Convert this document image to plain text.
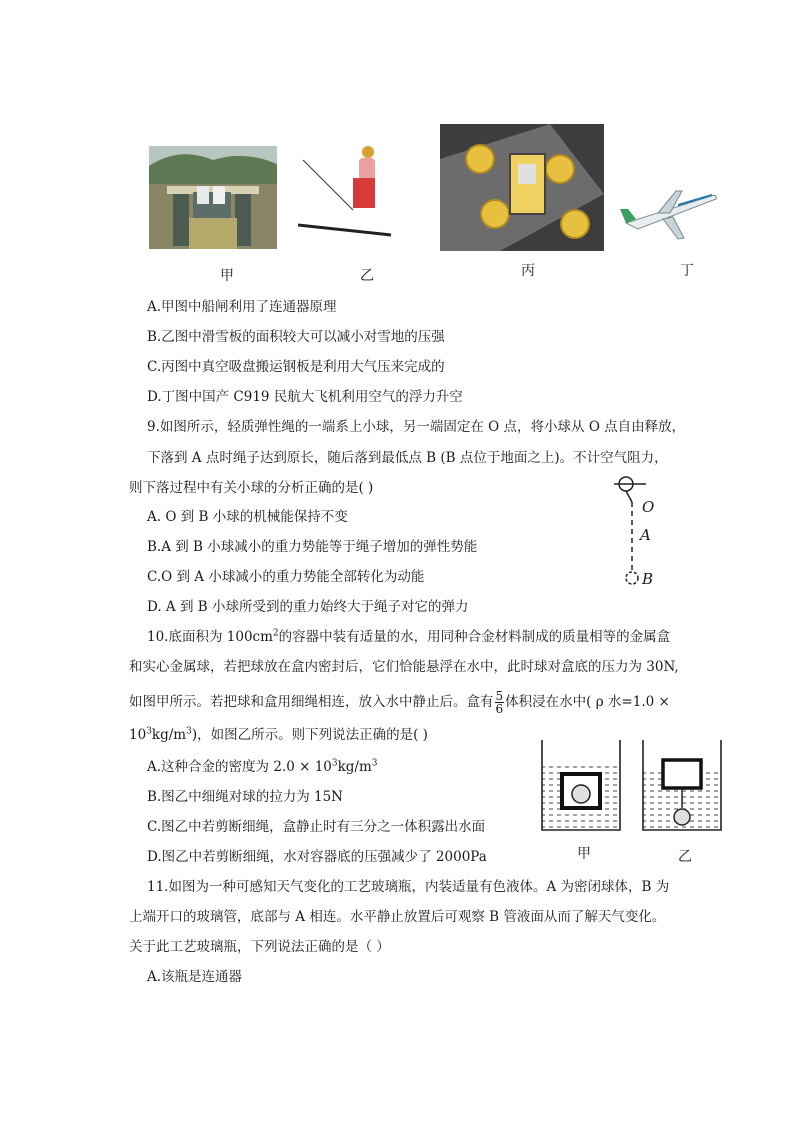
甲	乙	丙	丁
A.甲图中船闸利用了连通器原理
B.乙图中滑雪板的面积较大可以减小对雪地的压强
C.丙图中真空吸盘搬运钢板是利用大气压来完成的
D.丁图中国产 C919 民航大飞机利用空气的浮力升空
9.如图所示，轻质弹性绳的一端系上小球，另一端固定在 O 点，将小球从 O 点自由释放，
下落到 A 点时绳子达到原长，随后落到最低点 B (B 点位于地面之上)。不计空气阻力，
则下落过程中有关小球的分析正确的是( )
A. O 到 B 小球的机械能保持不变
B.A 到 B 小球减小的重力势能等于绳子增加的弹性势能
C.O 到 A 小球减小的重力势能全部转化为动能
D. A 到 B 小球所受到的重力始终大于绳子对它的弹力
O
A
B
10.底面积为 $100cm^2$的容器中装有适量的水，用同种合金材料制成的质量相等的金属盒
和实心金属球，若把球放在盒内密封后，它们恰能悬浮在水中，此时球对盒底的压力为 30N,
如图甲所示。若把球和盒用细绳相连，放入水中静止后。盒有 $\frac{5}{6}$ 体积浸在水中( ρ 水=1.0 ×
$10^3kg/m^3$)，如图乙所示。则下列说法正确的是( )
A.这种合金的密度为 $2.0 \times 10^3kg/m^3$
B.图乙中细绳对球的拉力为 15N
C.图乙中若剪断细绳，盒静止时有三分之一体积露出水面
D.图乙中若剪断细绳，水对容器底的压强减少了 2000Pa	甲	乙
11.如图为一种可感知天气变化的工艺玻璃瓶，内装适量有色液体。A 为密闭球体，B 为
上端开口的玻璃管，底部与 A 相连。水平静止放置后可观察 B 管液面从而了解天气变化。
关于此工艺玻璃瓶，下列说法正确的是（ ）
A.该瓶是连通器
